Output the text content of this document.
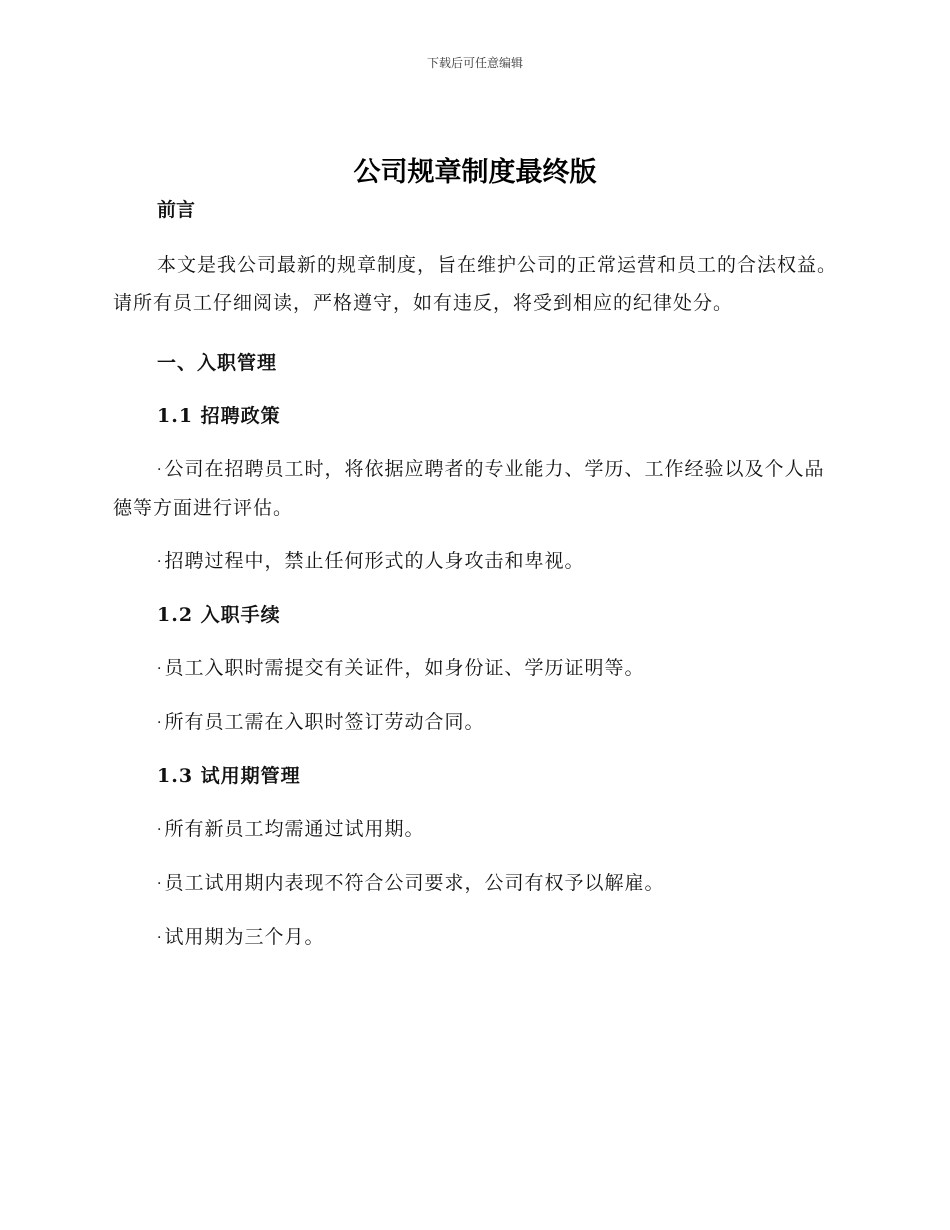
下载后可任意编辑
公司规章制度最终版
前言

本文是我公司最新的规章制度，旨在维护公司的正常运营和员工的合法权益。请所有员工仔细阅读，严格遵守，如有违反，将受到相应的纪律处分。

一、入职管理
1.1 招聘政策

· 公司在招聘员工时，将依据应聘者的专业能力、学历、工作经验以及个人品德等方面进行评估。

· 招聘过程中，禁止任何形式的人身攻击和卑视。

1.2 入职手续

· 员工入职时需提交有关证件，如身份证、学历证明等。

· 所有员工需在入职时签订劳动合同。

1.3 试用期管理

· 所有新员工均需通过试用期。

· 员工试用期内表现不符合公司要求，公司有权予以解雇。

· 试用期为三个月。
